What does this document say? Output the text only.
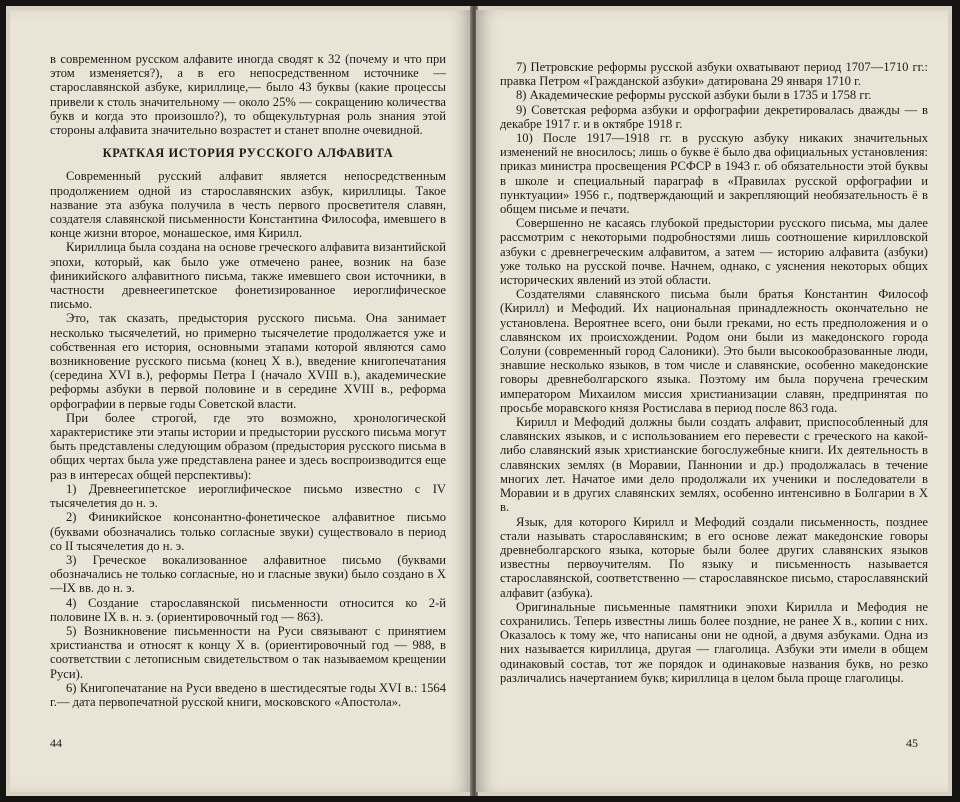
в современном русском алфавите иногда сводят к 32 (почему и что при этом изменяется?), а в его непосредственном источнике — старославянской азбуке, кириллице,— было 43 буквы (какие процессы привели к столь значительному — около 25% — сокращению количества букв и когда это произошло?), то общекультурная роль знания этой стороны алфавита значительно возрастет и станет вполне очевидной.

КРАТКАЯ ИСТОРИЯ РУССКОГО АЛФАВИТА

Современный русский алфавит является непосредственным продолжением одной из старославянских азбук, кириллицы. Такое название эта азбука получила в честь первого просветителя славян, создателя славянской письменности Константина Философа, имевшего в конце жизни второе, монашеское, имя Кирилл.

Кириллица была создана на основе греческого алфавита византийской эпохи, который, как было уже отмечено ранее, возник на базе финикийского алфавитного письма, также имевшего свои источники, в частности древнеегипетское фонетизированное иероглифическое письмо.

Это, так сказать, предыстория русского письма. Она занимает несколько тысячелетий, но примерно тысячелетие продолжается уже и собственная его история, основными этапами которой являются само возникновение русского письма (конец X в.), введение книгопечатания (середина XVI в.), реформы Петра I (начало XVIII в.), академические реформы азбуки в первой половине и в середине XVIII в., реформа орфографии в первые годы Советской власти.

При более строгой, где это возможно, хронологической характеристике эти этапы истории и предыстории русского письма могут быть представлены следующим образом (предыстория русского письма в общих чертах была уже представлена ранее и здесь воспроизводится еще раз в интересах общей перспективы):

1) Древнеегипетское иероглифическое письмо известно с IV тысячелетия до н. э.

2) Финикийское консонантно-фонетическое алфавитное письмо (буквами обозначались только согласные звуки) существовало в период со II тысячелетия до н. э.

3) Греческое вокализованное алфавитное письмо (буквами обозначались не только согласные, но и гласные звуки) было создано в X—IX вв. до н. э.

4) Создание старославянской письменности относится ко 2-й половине IX в. н. э. (ориентировочный год — 863).

5) Возникновение письменности на Руси связывают с принятием христианства и относят к концу X в. (ориентировочный год — 988, в соответствии с летописным свидетельством о так называемом крещении Руси).

6) Книгопечатание на Руси введено в шестидесятые годы XVI в.: 1564 г.— дата первопечатной русской книги, московского «Апостола».

44

7) Петровские реформы русской азбуки охватывают период 1707—1710 гг.: правка Петром «Гражданской азбуки» датирована 29 января 1710 г.

8) Академические реформы русской азбуки были в 1735 и 1758 гг.

9) Советская реформа азбуки и орфографии декретировалась дважды — в декабре 1917 г. и в октябре 1918 г.

10) После 1917—1918 гг. в русскую азбуку никаких значительных изменений не вносилось; лишь о букве ё было два официальных установления: приказ министра просвещения РСФСР в 1943 г. об обязательности этой буквы в школе и специальный параграф в «Правилах русской орфографии и пунктуации» 1956 г., подтверждающий и закрепляющий необязательность ё в общем письме и печати.

Совершенно не касаясь глубокой предыстории русского письма, мы далее рассмотрим с некоторыми подробностями лишь соотношение кирилловской азбуки с древнегреческим алфавитом, а затем — историю алфавита (азбуки) уже только на русской почве. Начнем, однако, с уяснения некоторых общих исторических явлений из этой области.

Создателями славянского письма были братья Константин Философ (Кирилл) и Мефодий. Их национальная принадлежность окончательно не установлена. Вероятнее всего, они были греками, но есть предположения и о славянском их происхождении. Родом они были из македонского города Солуни (современный город Салоники). Это были высокообразованные люди, знавшие несколько языков, в том числе и славянские, особенно македонские говоры древнеболгарского языка. Поэтому им была поручена греческим императором Михаилом миссия христианизации славян, предпринятая по просьбе моравского князя Ростислава в период после 863 года.

Кирилл и Мефодий должны были создать алфавит, приспособленный для славянских языков, и с использованием его перевести с греческого на какой-либо славянский язык христианские богослужебные книги. Их деятельность в славянских землях (в Моравии, Паннонии и др.) продолжалась в течение многих лет. Начатое ими дело продолжали их ученики и последователи в Моравии и в других славянских землях, особенно интенсивно в Болгарии в X в.

Язык, для которого Кирилл и Мефодий создали письменность, позднее стали называть старославянским; в его основе лежат македонские говоры древнеболгарского языка, которые были более других славянских языков известны первоучителям. По языку и письменность называется старославянской, соответственно — старославянское письмо, старославянский алфавит (азбука).

Оригинальные письменные памятники эпохи Кирилла и Мефодия не сохранились. Теперь известны лишь более поздние, не ранее X в., копии с них. Оказалось к тому же, что написаны они не одной, а двумя азбуками. Одна из них называется кириллица, другая — глаголица. Азбуки эти имели в общем одинаковый состав, тот же порядок и одинаковые названия букв, но резко различались начертанием букв; кириллица в целом была проще глаголицы.

45
